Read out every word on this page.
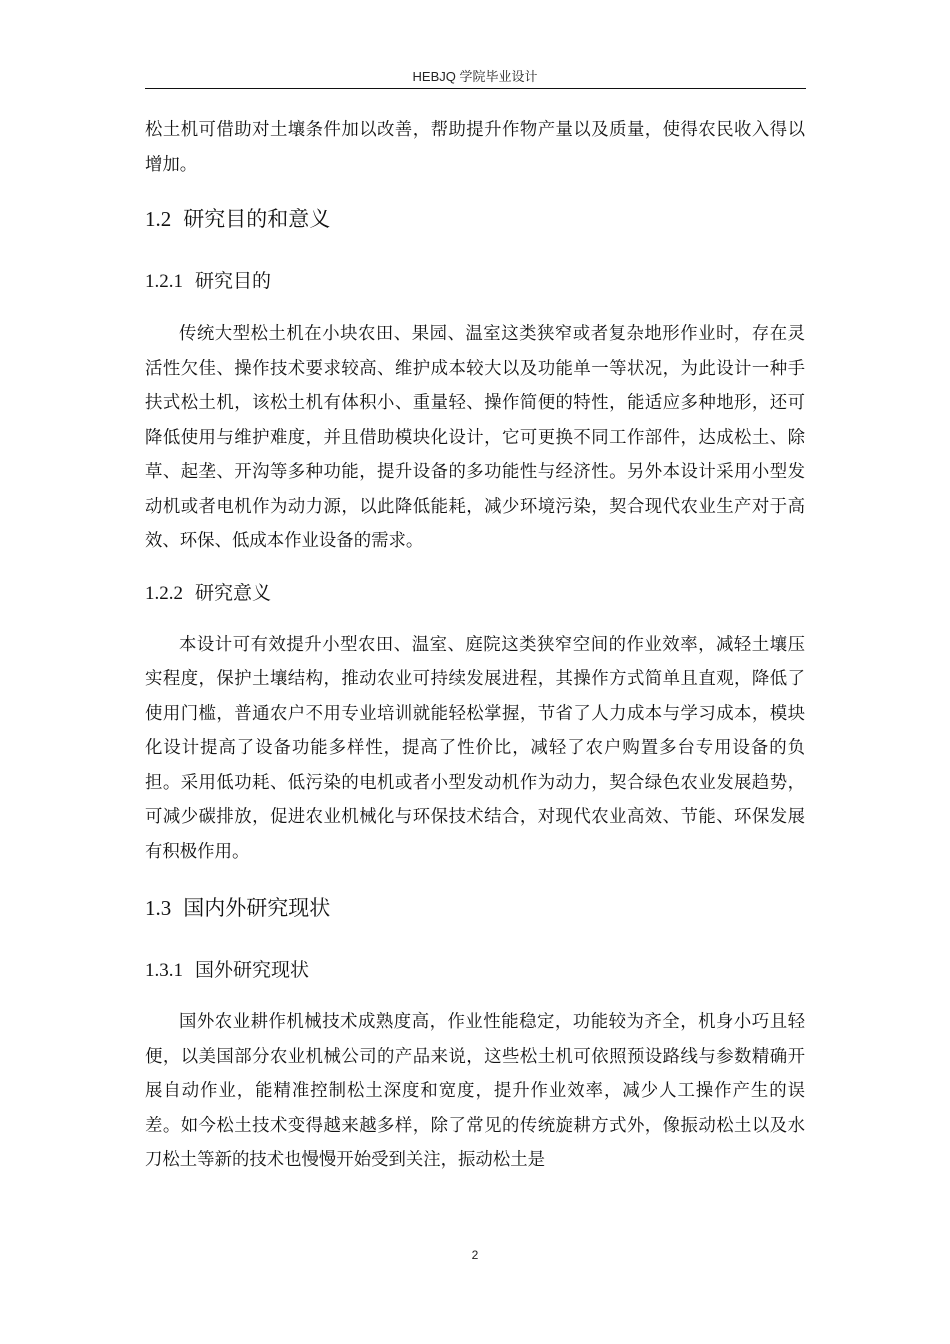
HEBJQ 学院毕业设计

松土机可借助对土壤条件加以改善，帮助提升作物产量以及质量，使得农民收入得以增加。

1.2 研究目的和意义
1.2.1 研究目的

传统大型松土机在小块农田、果园、温室这类狭窄或者复杂地形作业时，存在灵活性欠佳、操作技术要求较高、维护成本较大以及功能单一等状况，为此设计一种手扶式松土机，该松土机有体积小、重量轻、操作简便的特性，能适应多种地形，还可降低使用与维护难度，并且借助模块化设计，它可更换不同工作部件，达成松土、除草、起垄、开沟等多种功能，提升设备的多功能性与经济性。另外本设计采用小型发动机或者电机作为动力源，以此降低能耗，减少环境污染，契合现代农业生产对于高效、环保、低成本作业设备的需求。

1.2.2 研究意义

本设计可有效提升小型农田、温室、庭院这类狭窄空间的作业效率，减轻土壤压实程度，保护土壤结构，推动农业可持续发展进程，其操作方式简单且直观，降低了使用门槛，普通农户不用专业培训就能轻松掌握，节省了人力成本与学习成本，模块化设计提高了设备功能多样性，提高了性价比，减轻了农户购置多台专用设备的负担。采用低功耗、低污染的电机或者小型发动机作为动力，契合绿色农业发展趋势，可减少碳排放，促进农业机械化与环保技术结合，对现代农业高效、节能、环保发展有积极作用。

1.3 国内外研究现状
1.3.1 国外研究现状

国外农业耕作机械技术成熟度高，作业性能稳定，功能较为齐全，机身小巧且轻便，以美国部分农业机械公司的产品来说，这些松土机可依照预设路线与参数精确开展自动作业，能精准控制松土深度和宽度，提升作业效率，减少人工操作产生的误差。如今松土技术变得越来越多样，除了常见的传统旋耕方式外，像振动松土以及水刀松土等新的技术也慢慢开始受到关注，振动松土是

2
